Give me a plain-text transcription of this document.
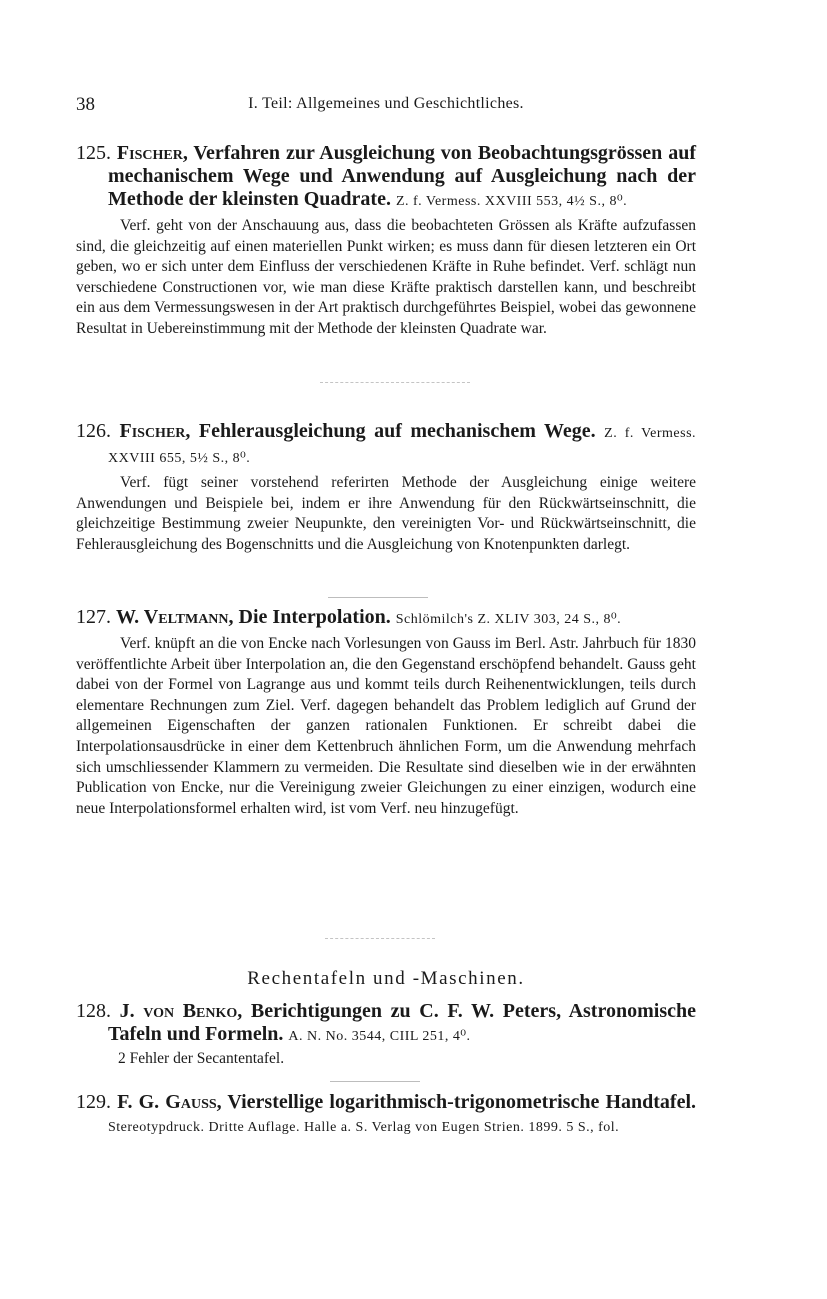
38	I. Teil: Allgemeines und Geschichtliches.

125. Fischer, Verfahren zur Ausgleichung von Beobachtungsgrössen auf mechanischem Wege und Anwendung auf Ausgleichung nach der Methode der kleinsten Quadrate. Z. f. Vermess. XXVIII 553, 4½ S., 8⁰.

Verf. geht von der Anschauung aus, dass die beobachteten Grössen als Kräfte aufzufassen sind, die gleichzeitig auf einen materiellen Punkt wirken; es muss dann für diesen letzteren ein Ort geben, wo er sich unter dem Einfluss der verschiedenen Kräfte in Ruhe befindet. Verf. schlägt nun verschiedene Constructionen vor, wie man diese Kräfte praktisch darstellen kann, und beschreibt ein aus dem Vermessungswesen in der Art praktisch durchgeführtes Beispiel, wobei das gewonnene Resultat in Uebereinstimmung mit der Methode der kleinsten Quadrate war.

126. Fischer, Fehlerausgleichung auf mechanischem Wege. Z. f. Vermess. XXVIII 655, 5½ S., 8⁰.

Verf. fügt seiner vorstehend referirten Methode der Ausgleichung einige weitere Anwendungen und Beispiele bei, indem er ihre Anwendung für den Rückwärtseinschnitt, die gleichzeitige Bestimmung zweier Neupunkte, den vereinigten Vor- und Rückwärtseinschnitt, die Fehlerausgleichung des Bogenschnitts und die Ausgleichung von Knotenpunkten darlegt.

127. W. Veltmann, Die Interpolation. Schlömilch's Z. XLIV 303, 24 S., 8⁰.

Verf. knüpft an die von Encke nach Vorlesungen von Gauss im Berl. Astr. Jahrbuch für 1830 veröffentlichte Arbeit über Interpolation an, die den Gegenstand erschöpfend behandelt. Gauss geht dabei von der Formel von Lagrange aus und kommt teils durch Reihenentwicklungen, teils durch elementare Rechnungen zum Ziel. Verf. dagegen behandelt das Problem lediglich auf Grund der allgemeinen Eigenschaften der ganzen rationalen Funktionen. Er schreibt dabei die Interpolationsausdrücke in einer dem Kettenbruch ähnlichen Form, um die Anwendung mehrfach sich umschliessender Klammern zu vermeiden. Die Resultate sind dieselben wie in der erwähnten Publication von Encke, nur die Vereinigung zweier Gleichungen zu einer einzigen, wodurch eine neue Interpolationsformel erhalten wird, ist vom Verf. neu hinzugefügt.

Rechentafeln und -Maschinen.

128. J. von Benko, Berichtigungen zu C. F. W. Peters, Astronomische Tafeln und Formeln. A. N. No. 3544, CIIL 251, 4⁰.

2 Fehler der Secantentafel.

129. F. G. Gauss, Vierstellige logarithmisch-trigonometrische Handtafel. Stereotypdruck. Dritte Auflage. Halle a. S. Verlag von Eugen Strien. 1899. 5 S., fol.
